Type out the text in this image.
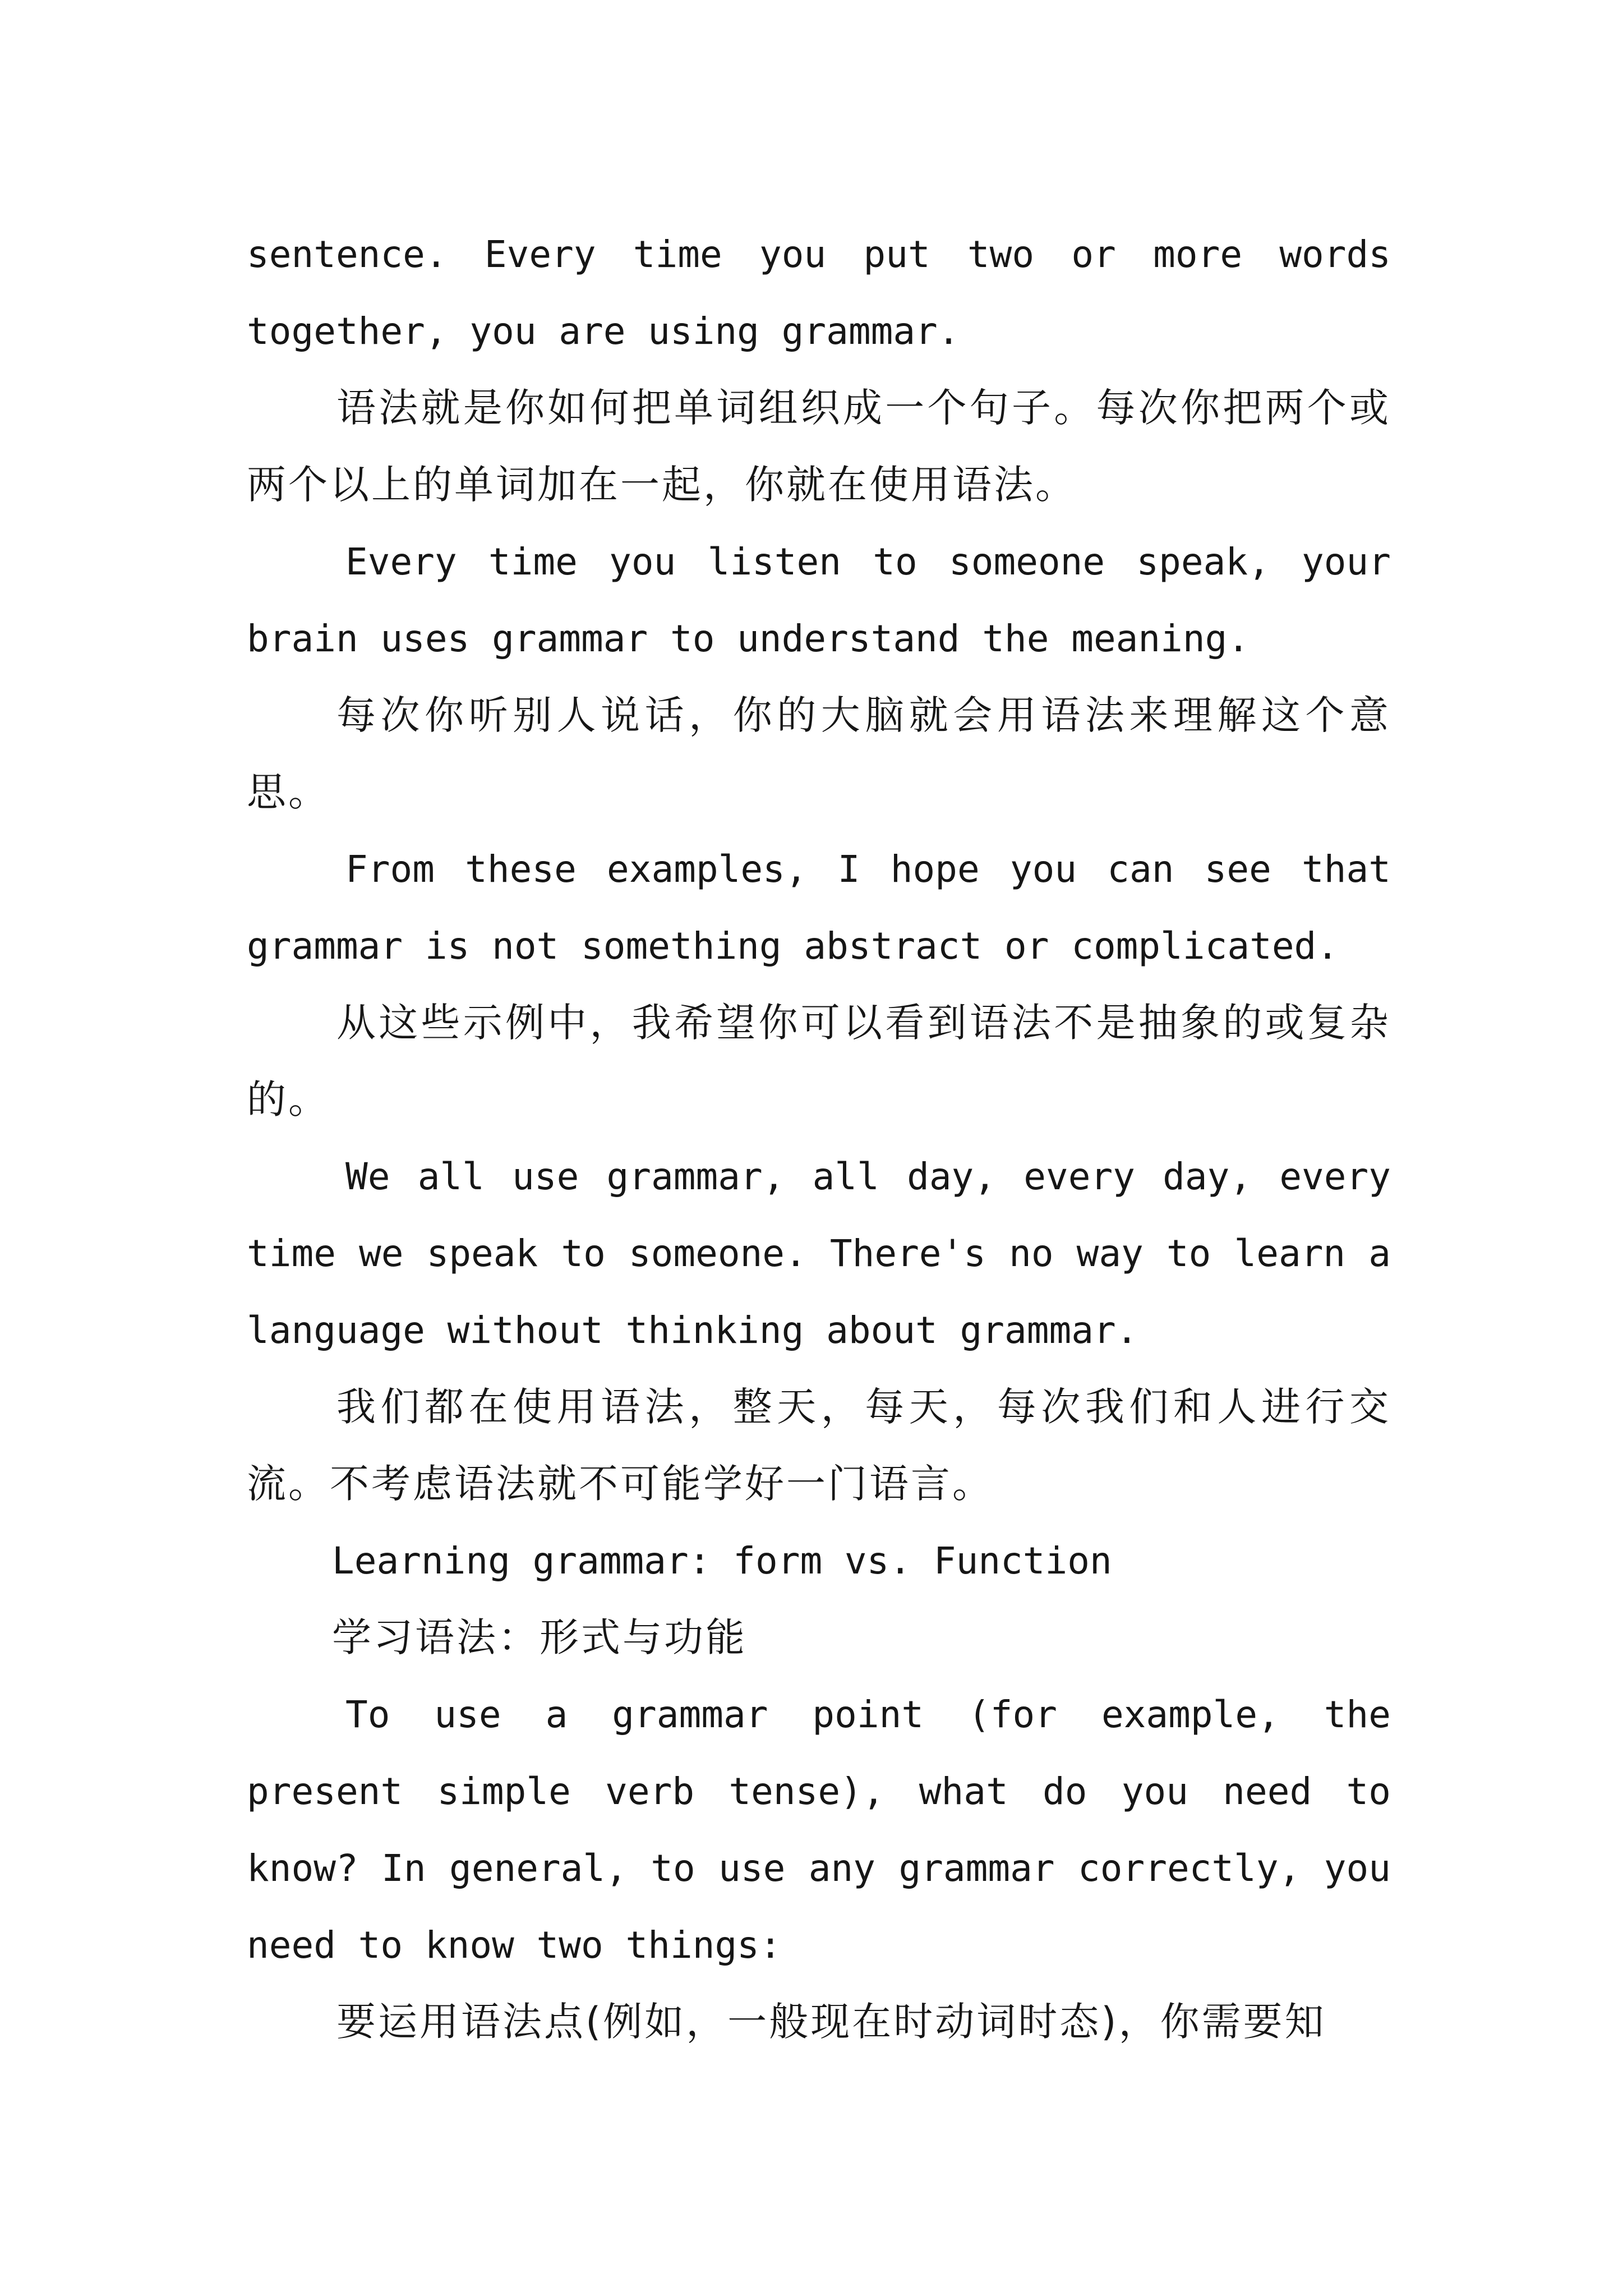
sentence. Every time you put two or more words together, you are using grammar.

语法就是你如何把单词组织成一个句子。每次你把两个或两个以上的单词加在一起，你就在使用语法。

Every time you listen to someone speak, your brain uses grammar to understand the meaning.

每次你听别人说话，你的大脑就会用语法来理解这个意思。

From these examples, I hope you can see that grammar is not something abstract or complicated.

从这些示例中，我希望你可以看到语法不是抽象的或复杂的。

We all use grammar, all day, every day, every time we speak to someone. There's no way to learn a language without thinking about grammar.

我们都在使用语法，整天，每天，每次我们和人进行交流。不考虑语法就不可能学好一门语言。

Learning grammar: form vs. Function

学习语法：形式与功能

To use a grammar point (for example, the present simple verb tense), what do you need to know? In general, to use any grammar correctly, you need to know two things:

要运用语法点(例如，一般现在时动词时态)，你需要知
